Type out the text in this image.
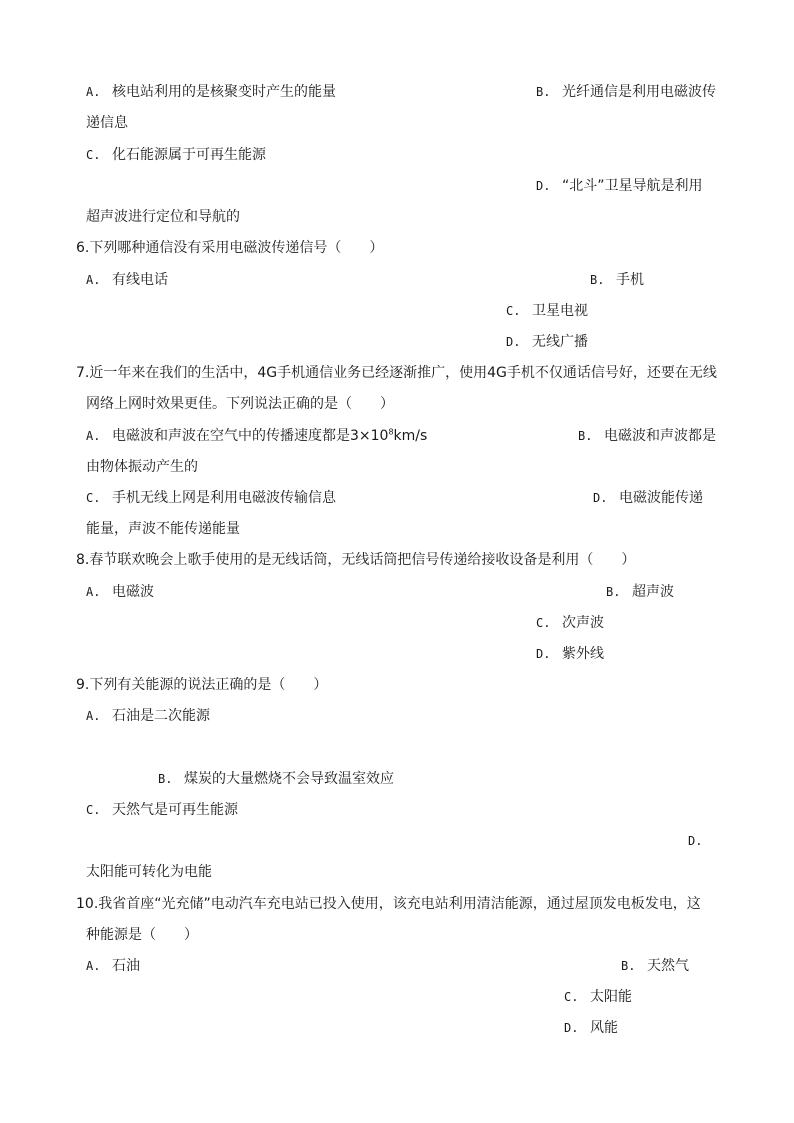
A. 核电站利用的是核聚变时产生的能量	B. 光纤通信是利用电磁波传
递信息
C. 化石能源属于可再生能源
D. “北斗”卫星导航是利用
超声波进行定位和导航的
6.下列哪种通信没有采用电磁波传递信号（　　）
A. 有线电话	B. 手机
C. 卫星电视
D. 无线广播
7.近一年来在我们的生活中，4G手机通信业务已经逐渐推广，使用4G手机不仅通话信号好，还要在无线
网络上网时效果更佳。下列说法正确的是（　　）
A. 电磁波和声波在空气中的传播速度都是$3\times 10^8km/s$	B. 电磁波和声波都是
由物体振动产生的
C. 手机无线上网是利用电磁波传输信息	D. 电磁波能传递
能量，声波不能传递能量
8.春节联欢晚会上歌手使用的是无线话筒，无线话筒把信号传递给接收设备是利用（　　）
A. 电磁波	B. 超声波
C. 次声波
D. 紫外线
9.下列有关能源的说法正确的是（　　）
A. 石油是二次能源
B. 煤炭的大量燃烧不会导致温室效应
C. 天然气是可再生能源
D.
太阳能可转化为电能
10.我省首座“光充储”电动汽车充电站已投入使用，该充电站利用清洁能源，通过屋顶发电板发电，这
种能源是（　　）
A. 石油	B. 天然气
C. 太阳能
D. 风能
